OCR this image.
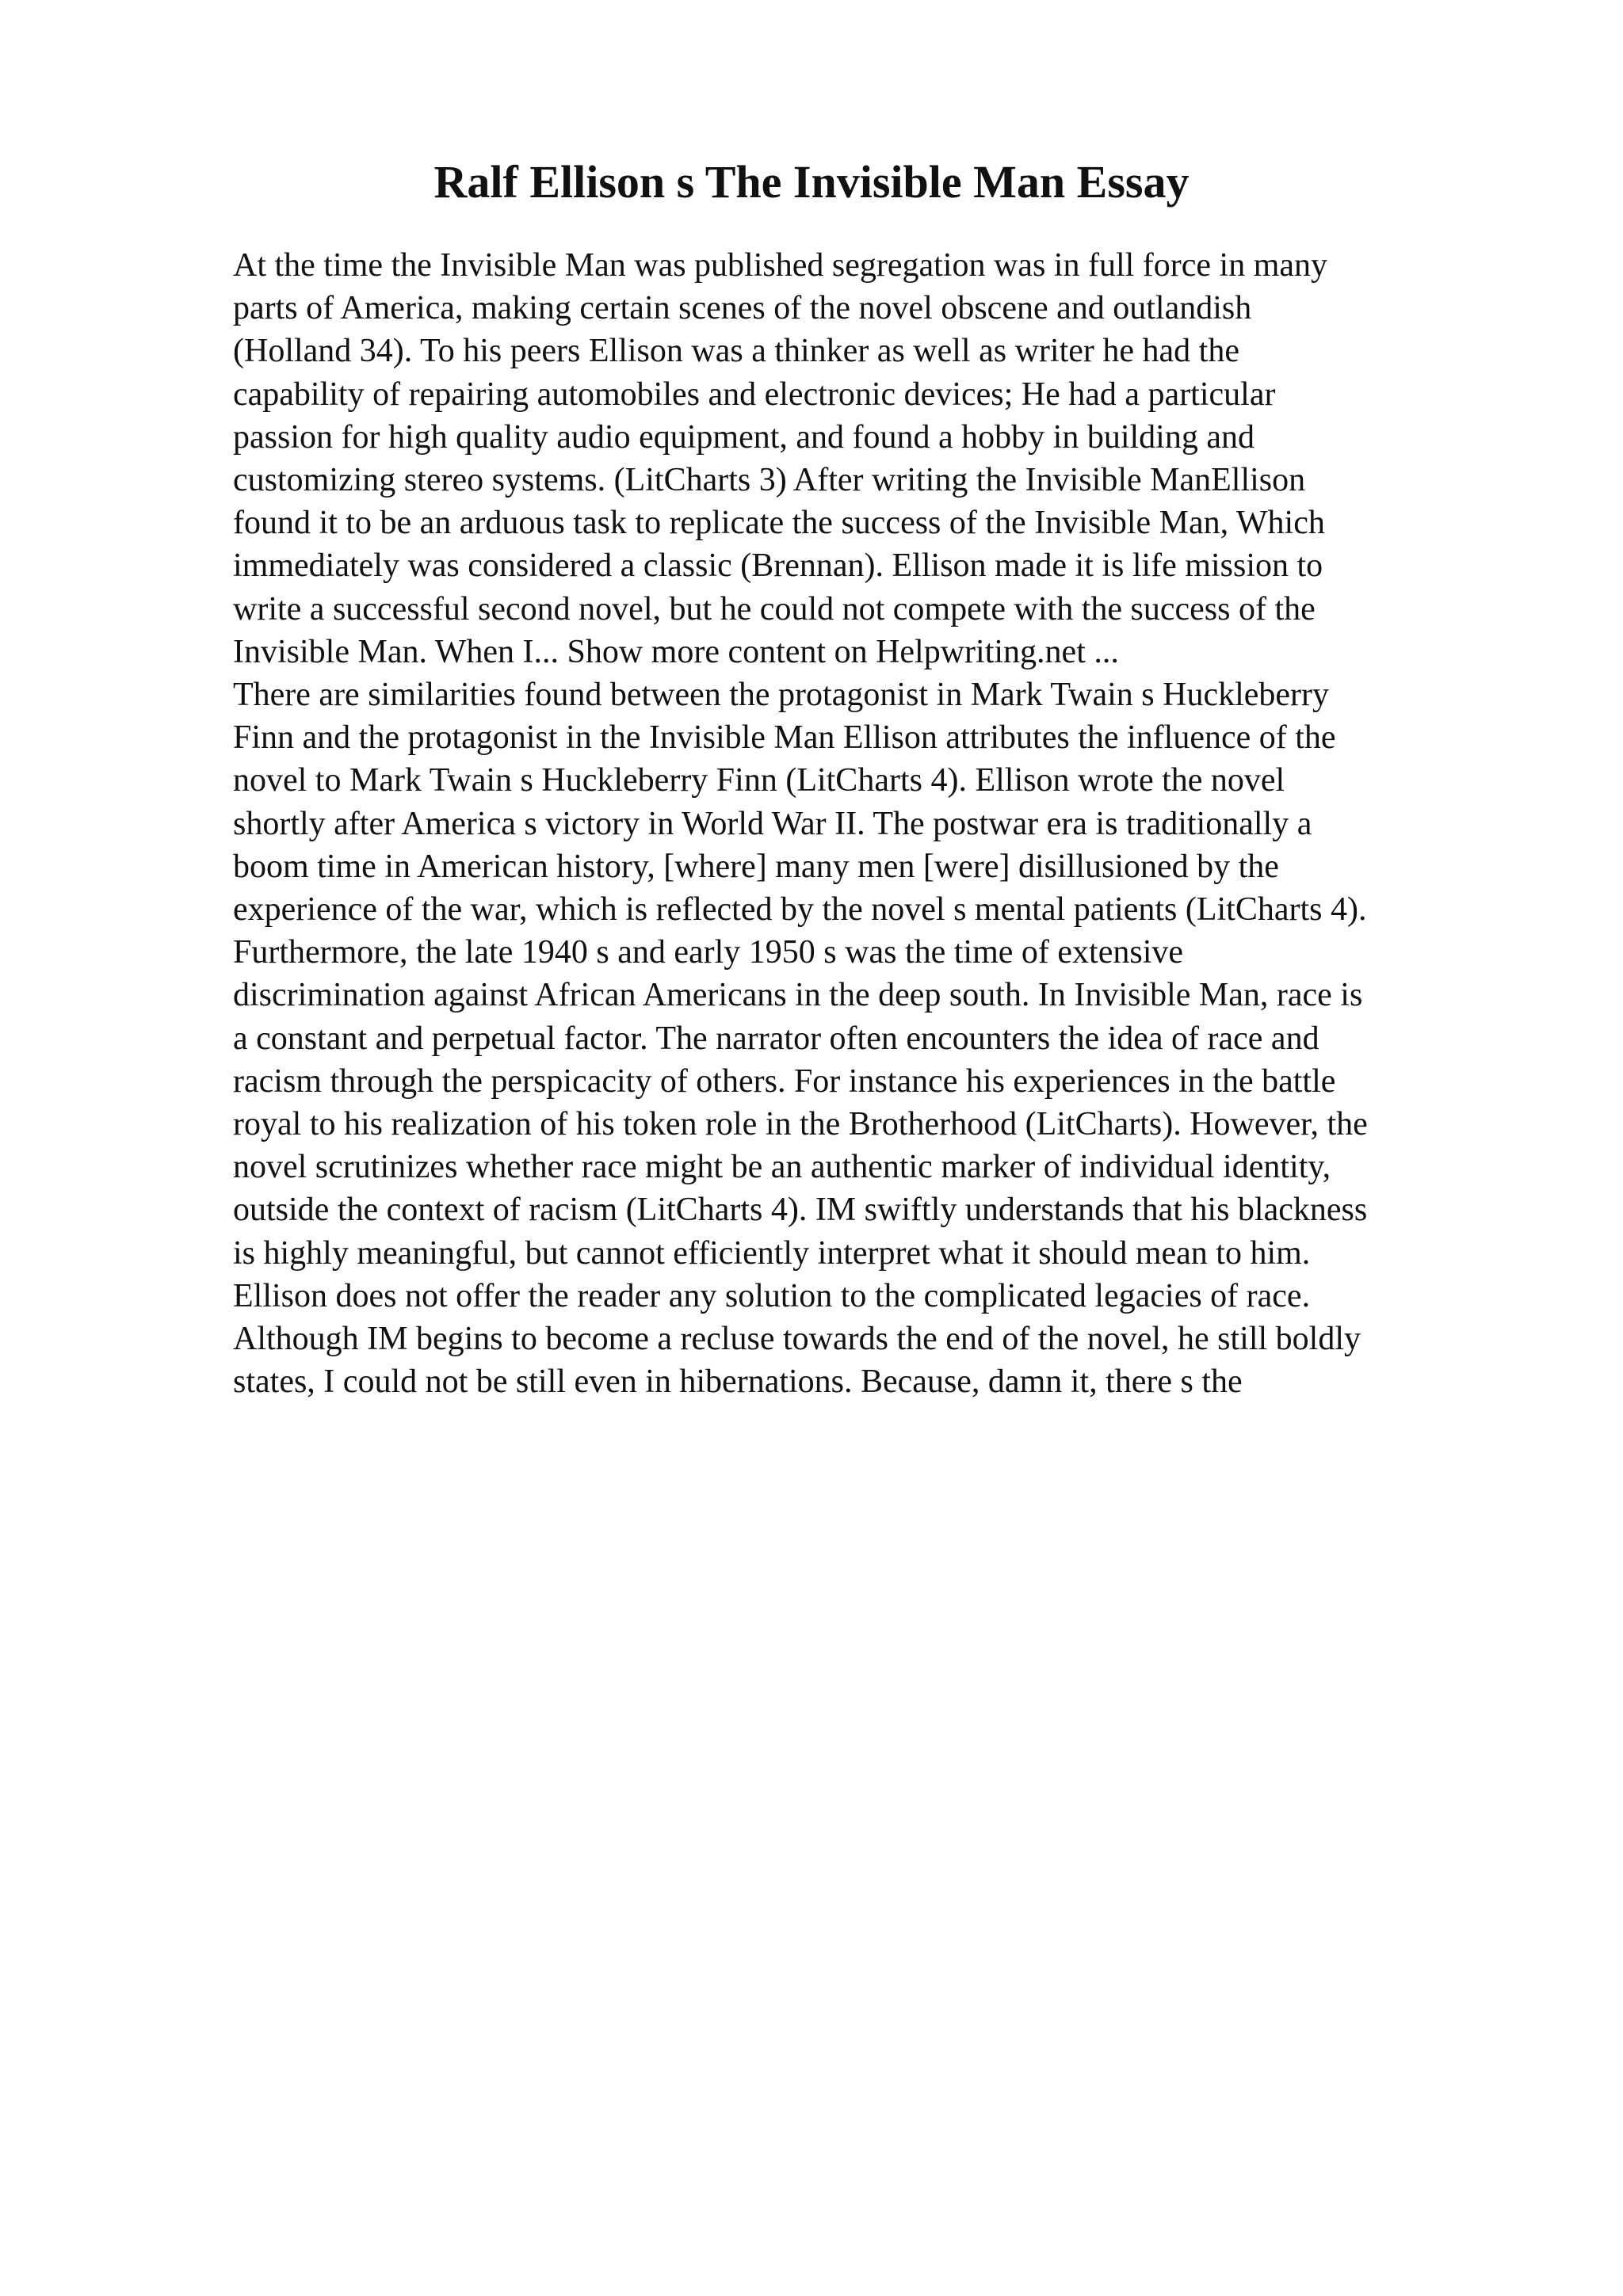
Ralf Ellison s The Invisible Man Essay
At the time the Invisible Man was published segregation was in full force in many
parts of America, making certain scenes of the novel obscene and outlandish
(Holland 34). To his peers Ellison was a thinker as well as writer he had the
capability of repairing automobiles and electronic devices; He had a particular
passion for high quality audio equipment, and found a hobby in building and
customizing stereo systems. (LitCharts 3) After writing the Invisible ManEllison
found it to be an arduous task to replicate the success of the Invisible Man, Which
immediately was considered a classic (Brennan). Ellison made it is life mission to
write a successful second novel, but he could not compete with the success of the
Invisible Man. When I... Show more content on Helpwriting.net ...
There are similarities found between the protagonist in Mark Twain s Huckleberry
Finn and the protagonist in the Invisible Man Ellison attributes the influence of the
novel to Mark Twain s Huckleberry Finn (LitCharts 4). Ellison wrote the novel
shortly after America s victory in World War II. The postwar era is traditionally a
boom time in American history, [where] many men [were] disillusioned by the
experience of the war, which is reflected by the novel s mental patients (LitCharts 4).
Furthermore, the late 1940 s and early 1950 s was the time of extensive
discrimination against African Americans in the deep south. In Invisible Man, race is
a constant and perpetual factor. The narrator often encounters the idea of race and
racism through the perspicacity of others. For instance his experiences in the battle
royal to his realization of his token role in the Brotherhood (LitCharts). However, the
novel scrutinizes whether race might be an authentic marker of individual identity,
outside the context of racism (LitCharts 4). IM swiftly understands that his blackness
is highly meaningful, but cannot efficiently interpret what it should mean to him.
Ellison does not offer the reader any solution to the complicated legacies of race.
Although IM begins to become a recluse towards the end of the novel, he still boldly
states, I could not be still even in hibernations. Because, damn it, there s the
